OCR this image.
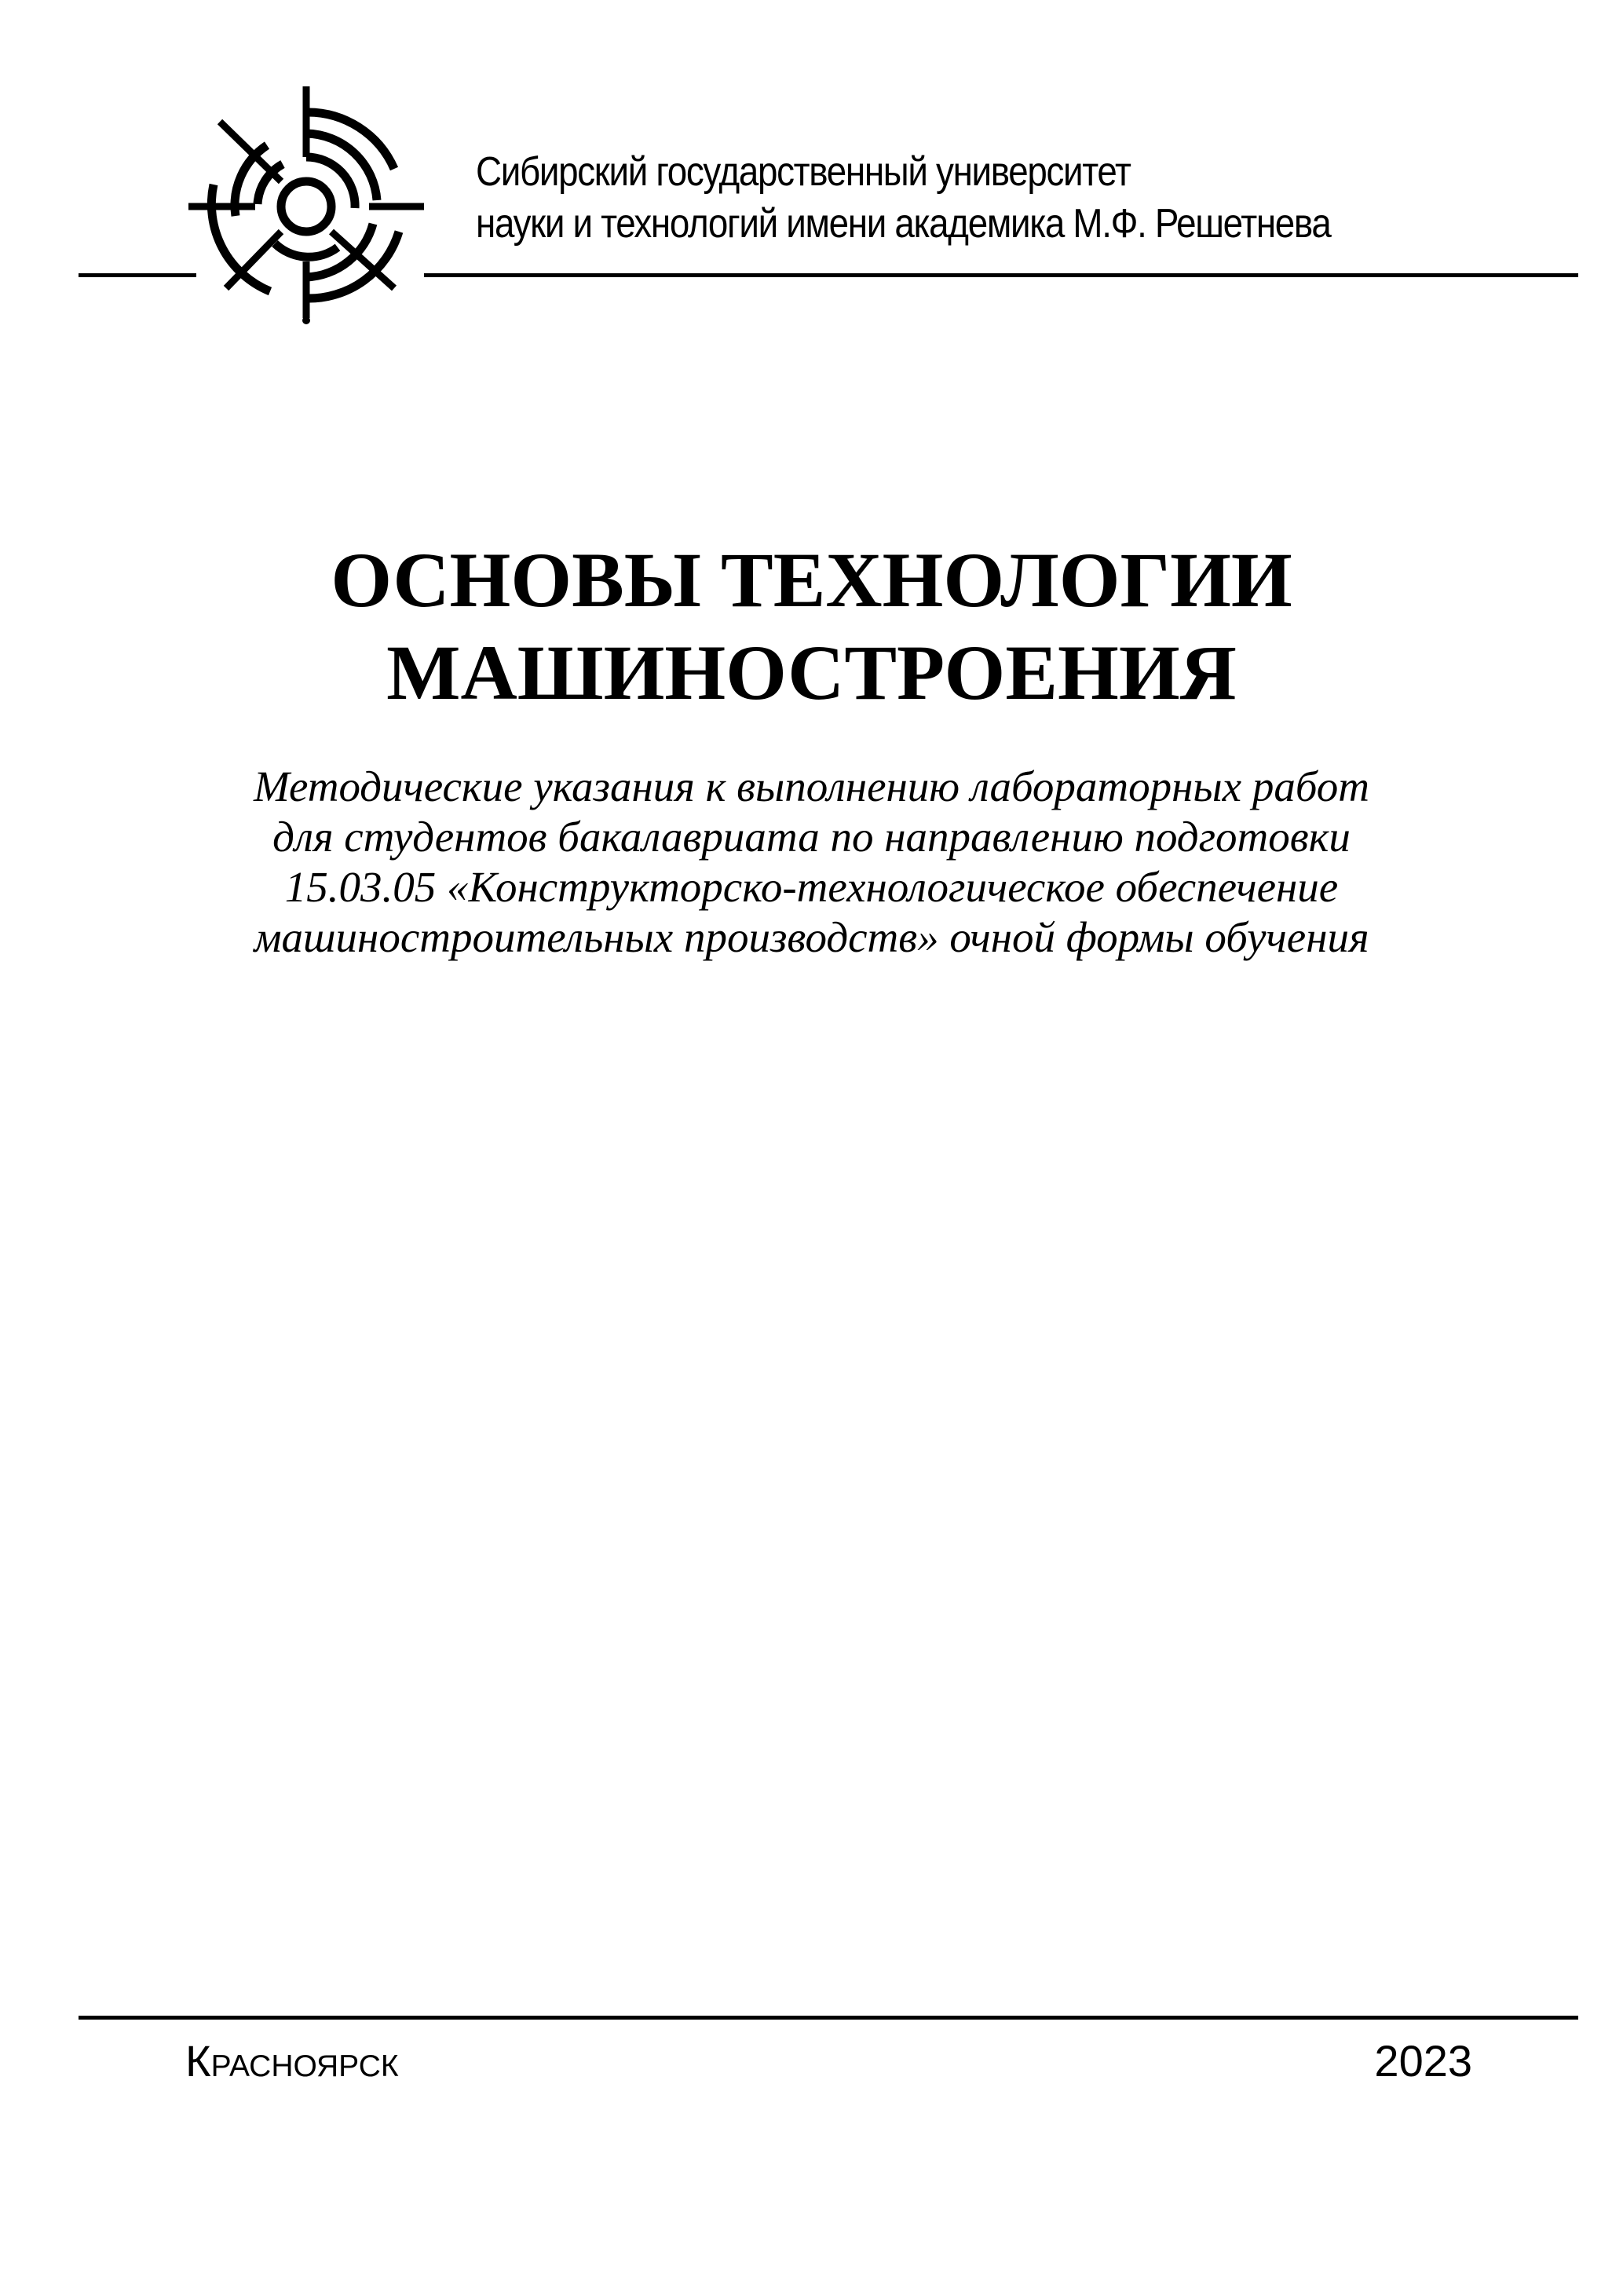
Сибирский государственный университет
науки и технологий имени академика М.Ф. Решетнева
ОСНОВЫ ТЕХНОЛОГИИ
МАШИНОСТРОЕНИЯ
Методические указания к выполнению лабораторных работ
для студентов бакалавриата по направлению подготовки
15.03.05 «Конструкторско-технологическое обеспечение
машиностроительных производств» очной формы обучения
Красноярск	2023
